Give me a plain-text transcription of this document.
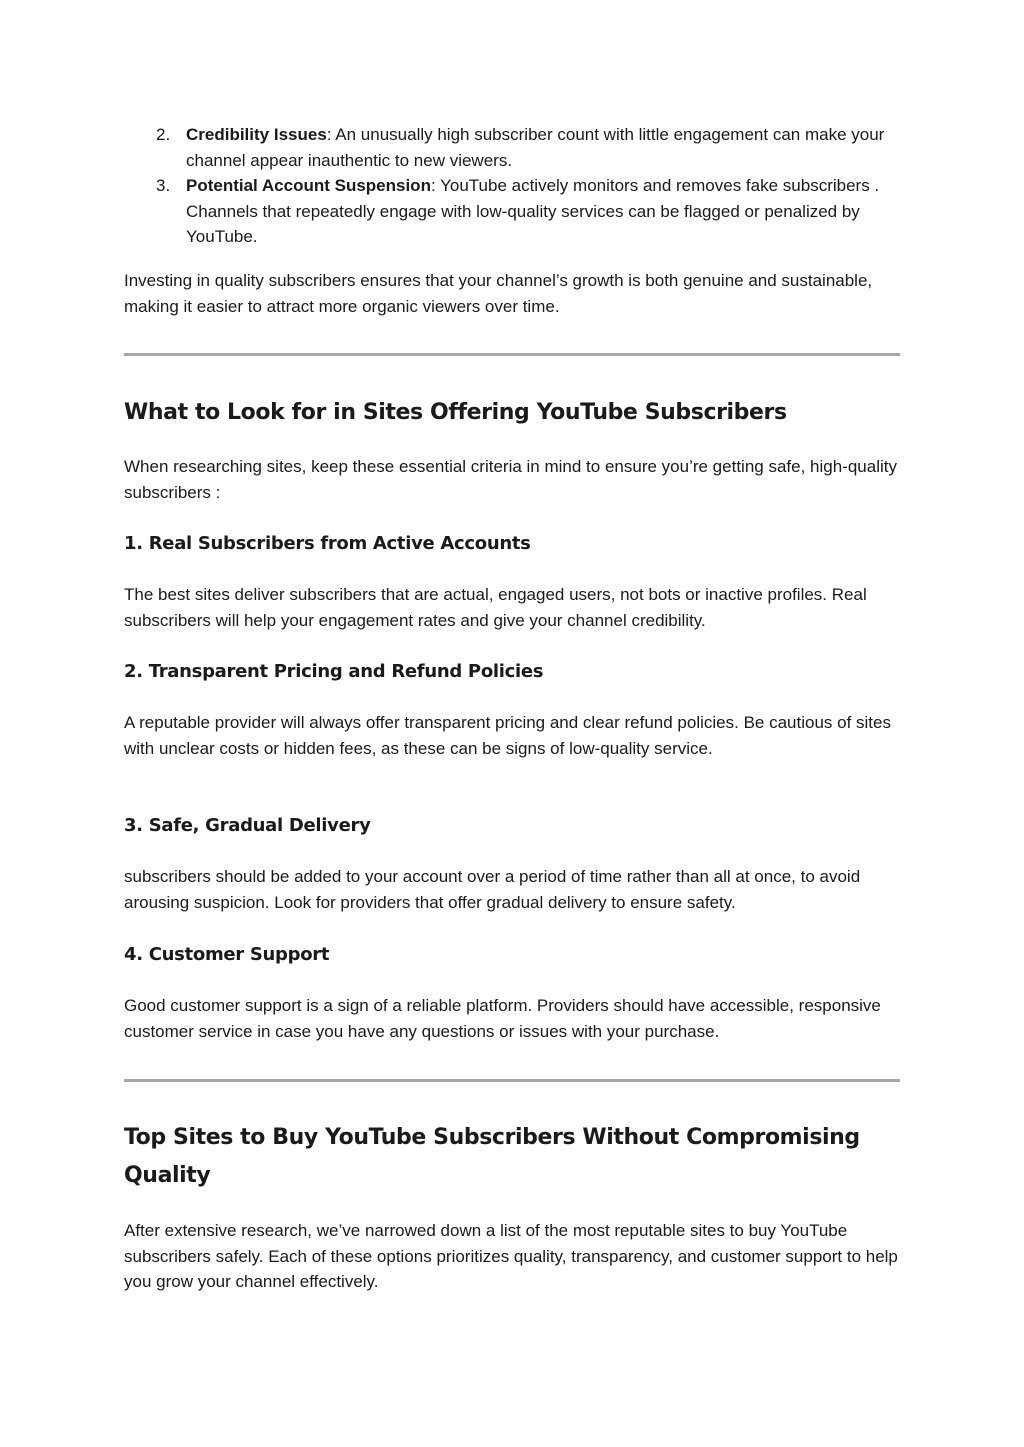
2. Credibility Issues: An unusually high subscriber count with little engagement can make your channel appear inauthentic to new viewers.
3. Potential Account Suspension: YouTube actively monitors and removes fake subscribers . Channels that repeatedly engage with low-quality services can be flagged or penalized by YouTube.

Investing in quality subscribers ensures that your channel’s growth is both genuine and sustainable, making it easier to attract more organic viewers over time.

What to Look for in Sites Offering YouTube Subscribers

When researching sites, keep these essential criteria in mind to ensure you’re getting safe, high-quality subscribers :

1. Real Subscribers from Active Accounts

The best sites deliver subscribers that are actual, engaged users, not bots or inactive profiles. Real subscribers will help your engagement rates and give your channel credibility.

2. Transparent Pricing and Refund Policies

A reputable provider will always offer transparent pricing and clear refund policies. Be cautious of sites with unclear costs or hidden fees, as these can be signs of low-quality service.

3. Safe, Gradual Delivery

subscribers should be added to your account over a period of time rather than all at once, to avoid arousing suspicion. Look for providers that offer gradual delivery to ensure safety.

4. Customer Support

Good customer support is a sign of a reliable platform. Providers should have accessible, responsive customer service in case you have any questions or issues with your purchase.

Top Sites to Buy YouTube Subscribers Without Compromising Quality

After extensive research, we’ve narrowed down a list of the most reputable sites to buy YouTube subscribers safely. Each of these options prioritizes quality, transparency, and customer support to help you grow your channel effectively.
